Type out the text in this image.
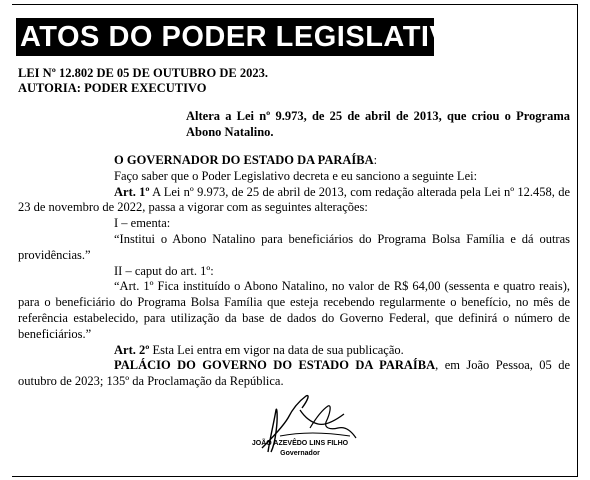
ATOS DO PODER LEGISLATIVO
LEI Nº 12.802 DE 05 DE OUTUBRO DE 2023.
AUTORIA: PODER EXECUTIVO
Altera a Lei nº 9.973, de 25 de abril de 2013, que criou o Programa Abono Natalino.

O GOVERNADOR DO ESTADO DA PARAÍBA:

Faço saber que o Poder Legislativo decreta e eu sanciono a seguinte Lei:

Art. 1º A Lei nº 9.973, de 25 de abril de 2013, com redação alterada pela Lei nº 12.458, de 23 de novembro de 2022, passa a vigorar com as seguintes alterações:

I – ementa:

“Institui o Abono Natalino para beneficiários do Programa Bolsa Família e dá outras providências.”

II – caput do art. 1º:

“Art. 1º Fica instituído o Abono Natalino, no valor de R$ 64,00 (sessenta e quatro reais), para o beneficiário do Programa Bolsa Família que esteja recebendo regularmente o benefício, no mês de referência estabelecido, para utilização da base de dados do Governo Federal, que definirá o número de beneficiários.”

Art. 2º Esta Lei entra em vigor na data de sua publicação.

PALÁCIO DO GOVERNO DO ESTADO DA PARAÍBA, em João Pessoa, 05 de outubro de 2023; 135º da Proclamação da República.

JOÃO AZEVÊDO LINS FILHO
Governador
